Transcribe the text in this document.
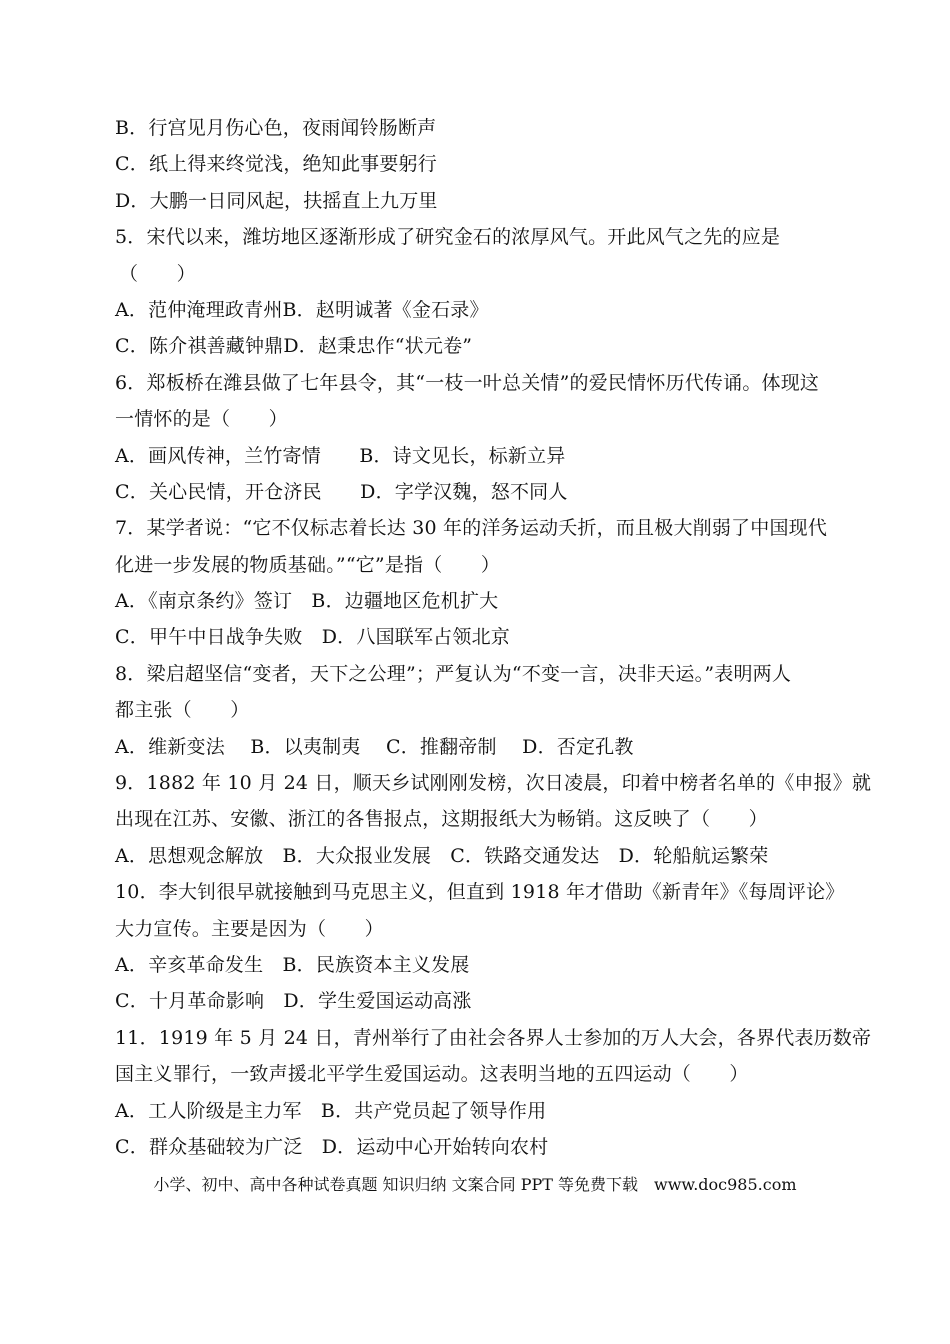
B．行宫见月伤心色，夜雨闻铃肠断声
C．纸上得来终觉浅，绝知此事要躬行
D．大鹏一日同风起，扶摇直上九万里
5．宋代以来，潍坊地区逐渐形成了研究金石的浓厚风气。开此风气之先的应是
（　　）
A．范仲淹理政青州B．赵明诚著《金石录》
C．陈介祺善藏钟鼎D．赵秉忠作“状元卷”
6．郑板桥在潍县做了七年县令，其“一枝一叶总关情”的爱民情怀历代传诵。体现这
一情怀的是（　　）
A．画风传神，兰竹寄情　　B．诗文见长，标新立异
C．关心民情，开仓济民　　D．字学汉魏，怒不同人
7．某学者说：“它不仅标志着长达 30 年的洋务运动夭折，而且极大削弱了中国现代
化进一步发展的物质基础。”“它”是指（　　）
A．《南京条约》签订　B．边疆地区危机扩大
C．甲午中日战争失败　D．八国联军占领北京
8．梁启超坚信“变者，天下之公理”；严复认为“不变一言，决非天运。”表明两人
都主张（　　）
A．维新变法　 B．以夷制夷　 C．推翻帝制　 D．否定孔教
9．1882 年 10 月 24 日，顺天乡试刚刚发榜，次日凌晨，印着中榜者名单的《申报》就
出现在江苏、安徽、浙江的各售报点，这期报纸大为畅销。这反映了（　　）
A．思想观念解放　B．大众报业发展　C．铁路交通发达　D．轮船航运繁荣
10．李大钊很早就接触到马克思主义，但直到 1918 年才借助《新青年》《每周评论》
大力宣传。主要是因为（　　）
A．辛亥革命发生　B．民族资本主义发展
C．十月革命影响　D．学生爱国运动高涨
11．1919 年 5 月 24 日，青州举行了由社会各界人士参加的万人大会，各界代表历数帝
国主义罪行，一致声援北平学生爱国运动。这表明当地的五四运动（　　）
A．工人阶级是主力军　B．共产党员起了领导作用
C．群众基础较为广泛　D．运动中心开始转向农村
小学、初中、高中各种试卷真题 知识归纳 文案合同 PPT 等免费下载　www.doc985.com
